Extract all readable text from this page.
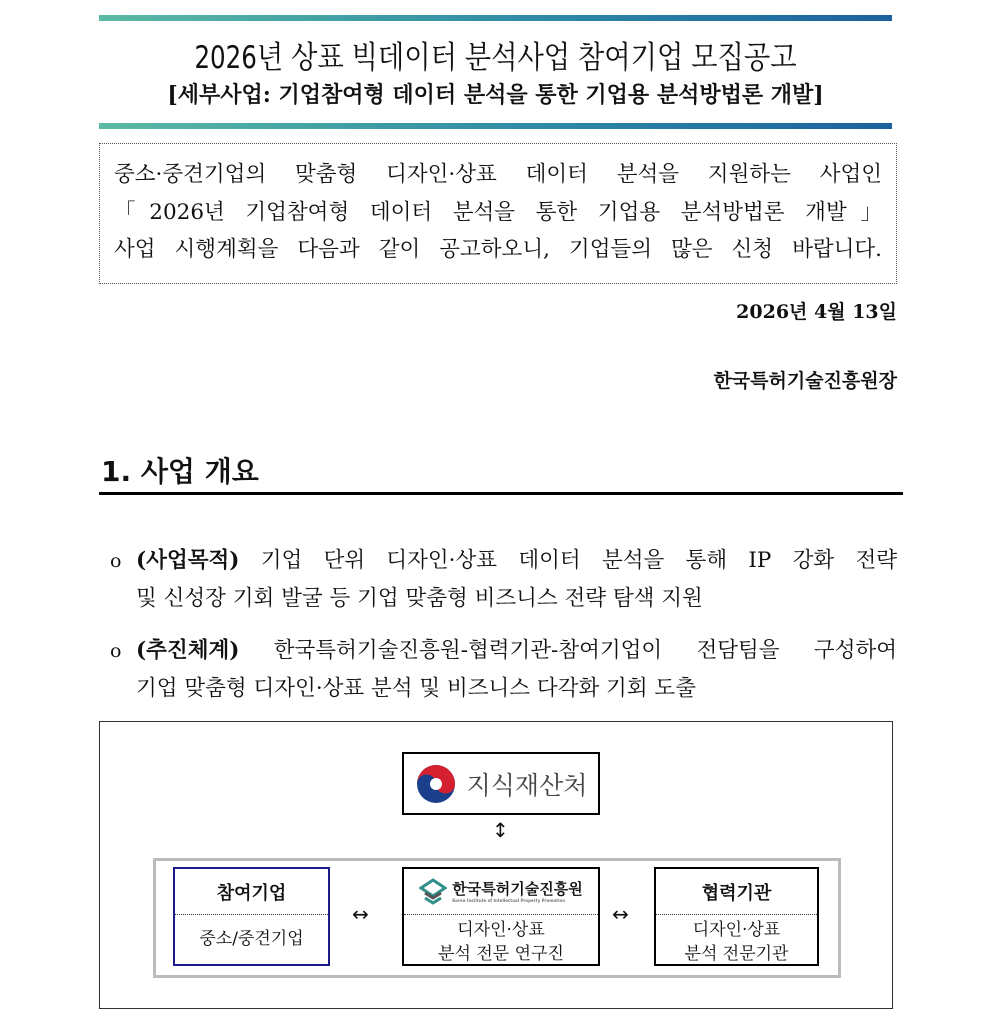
2026년 상표 빅데이터 분석사업 참여기업 모집공고
[세부사업: 기업참여형 데이터 분석을 통한 기업용 분석방법론 개발]
중소·중견기업의 맞춤형 디자인·상표 데이터 분석을 지원하는 사업인
「2026년 기업참여형 데이터 분석을 통한 기업용 분석방법론 개발」
사업 시행계획을 다음과 같이 공고하오니, 기업들의 많은 신청 바랍니다.
2026년 4월 13일
한국특허기술진흥원장
1. 사업 개요
o (사업목적) 기업 단위 디자인·상표 데이터 분석을 통해 IP 강화 전략
및 신성장 기회 발굴 등 기업 맞춤형 비즈니스 전략 탐색 지원
o (추진체계) 한국특허기술진흥원-협력기관-참여기업이 전담팀을 구성하여
기업 맞춤형 디자인·상표 분석 및 비즈니스 다각화 기회 도출
지식재산처
↕
참여기업
중소/중견기업
↔
한국특허기술진흥원
Korea Institute of Intellectual Property Promotion
디자인·상표
분석 전문 연구진
↔
협력기관
디자인·상표
분석 전문기관
